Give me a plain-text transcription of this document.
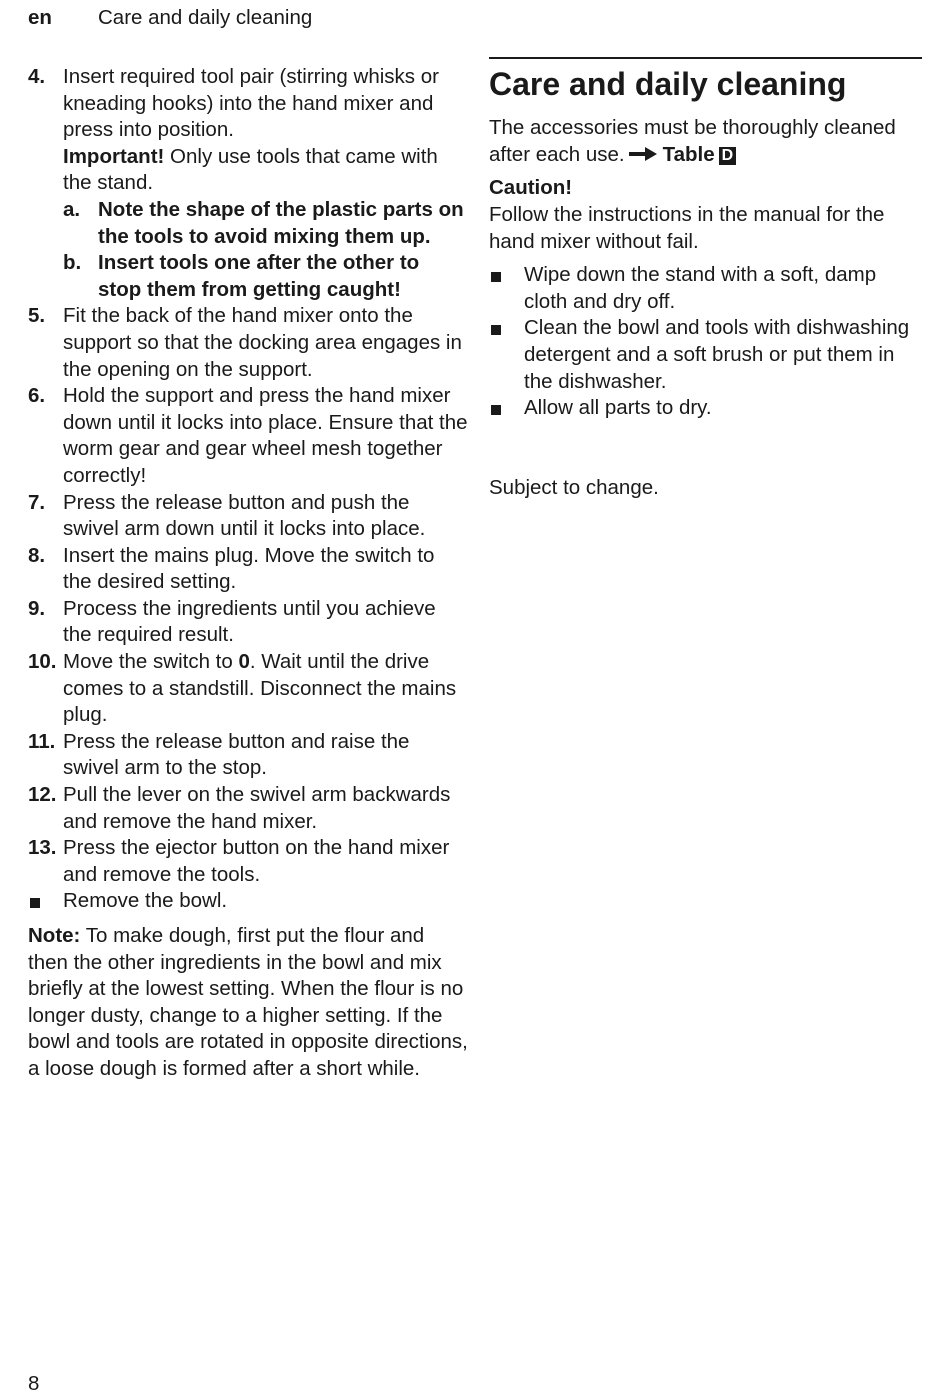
en Care and daily cleaning
4. Insert required tool pair (stirring whisks or kneading hooks) into the hand mixer and press into position.
Important! Only use tools that came with the stand.
a. Note the shape of the plastic parts on the tools to avoid mixing them up.
b. Insert tools one after the other to stop them from getting caught!
5. Fit the back of the hand mixer onto the support so that the docking area engages in the opening on the support.
6. Hold the support and press the hand mixer down until it locks into place. Ensure that the worm gear and gear wheel mesh together correctly!
7. Press the release button and push the swivel arm down until it locks into place.
8. Insert the mains plug. Move the switch to the desired setting.
9. Process the ingredients until you achieve the required result.
10. Move the switch to 0. Wait until the drive comes to a standstill. Disconnect the mains plug.
11. Press the release button and raise the swivel arm to the stop.
12. Pull the lever on the swivel arm backwards and remove the hand mixer.
13. Press the ejector button on the hand mixer and remove the tools.
Remove the bowl.
Note: To make dough, first put the flour and then the other ingredients in the bowl and mix briefly at the lowest setting. When the flour is no longer dusty, change to a higher setting. If the bowl and tools are rotated in opposite directions, a loose dough is formed after a short while.
Care and daily cleaning
The accessories must be thoroughly cleaned after each use. Table D
Caution!
Follow the instructions in the manual for the hand mixer without fail.
Wipe down the stand with a soft, damp cloth and dry off.
Clean the bowl and tools with dishwashing detergent and a soft brush or put them in the dishwasher.
Allow all parts to dry.
Subject to change.
8
